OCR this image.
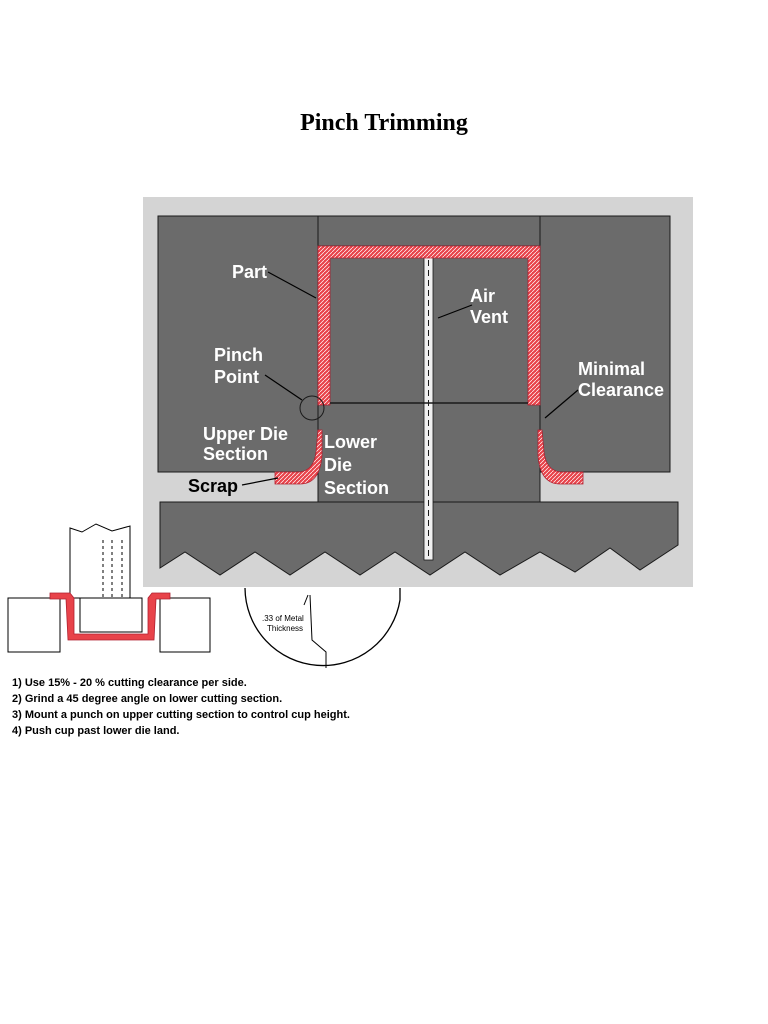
Pinch Trimming
Part
Air
Vent
Pinch
Point	Minimal
Clearance
Upper Die
Section
Lower
Die
Section
Scrap
.33 of Metal
Thickness
1) Use 15% - 20 % cutting clearance per side.
2) Grind a 45 degree angle on lower cutting section.
3) Mount a punch on upper cutting section to control cup height.
4) Push cup past lower die land.
